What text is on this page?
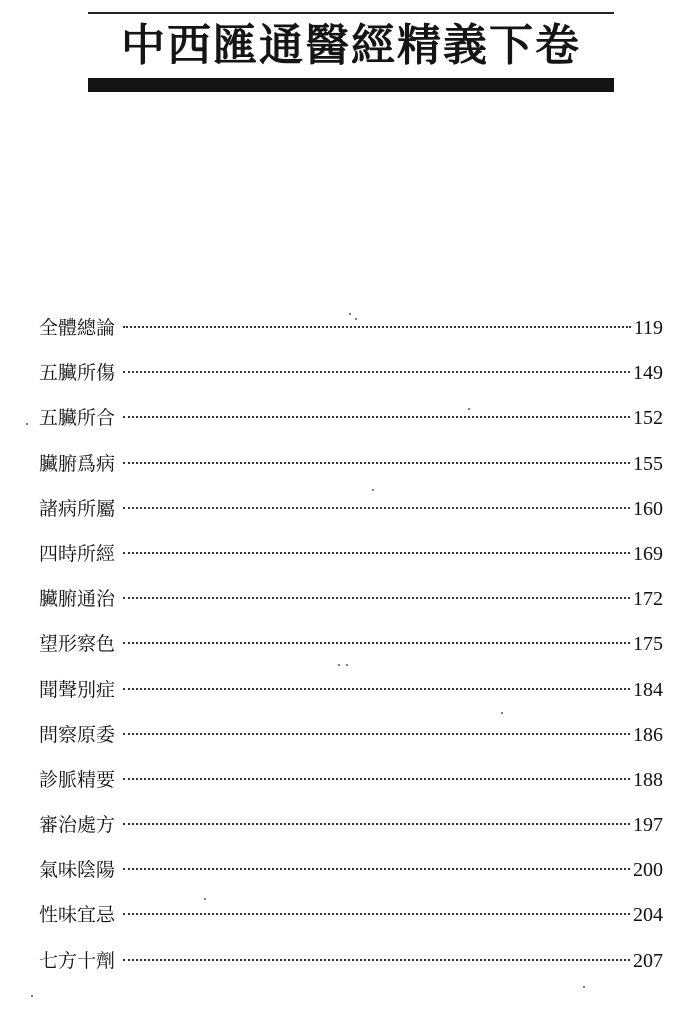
中西匯通醫經精義下卷
全體總論	119
五臟所傷	149
五臟所合	152
臟腑爲病	155
諸病所屬	160
四時所經	169
臟腑通治	172
望形察色	175
聞聲別症	184
問察原委	186
診脈精要	188
審治處方	197
氣味陰陽	200
性味宜忌	204
七方十劑	207
